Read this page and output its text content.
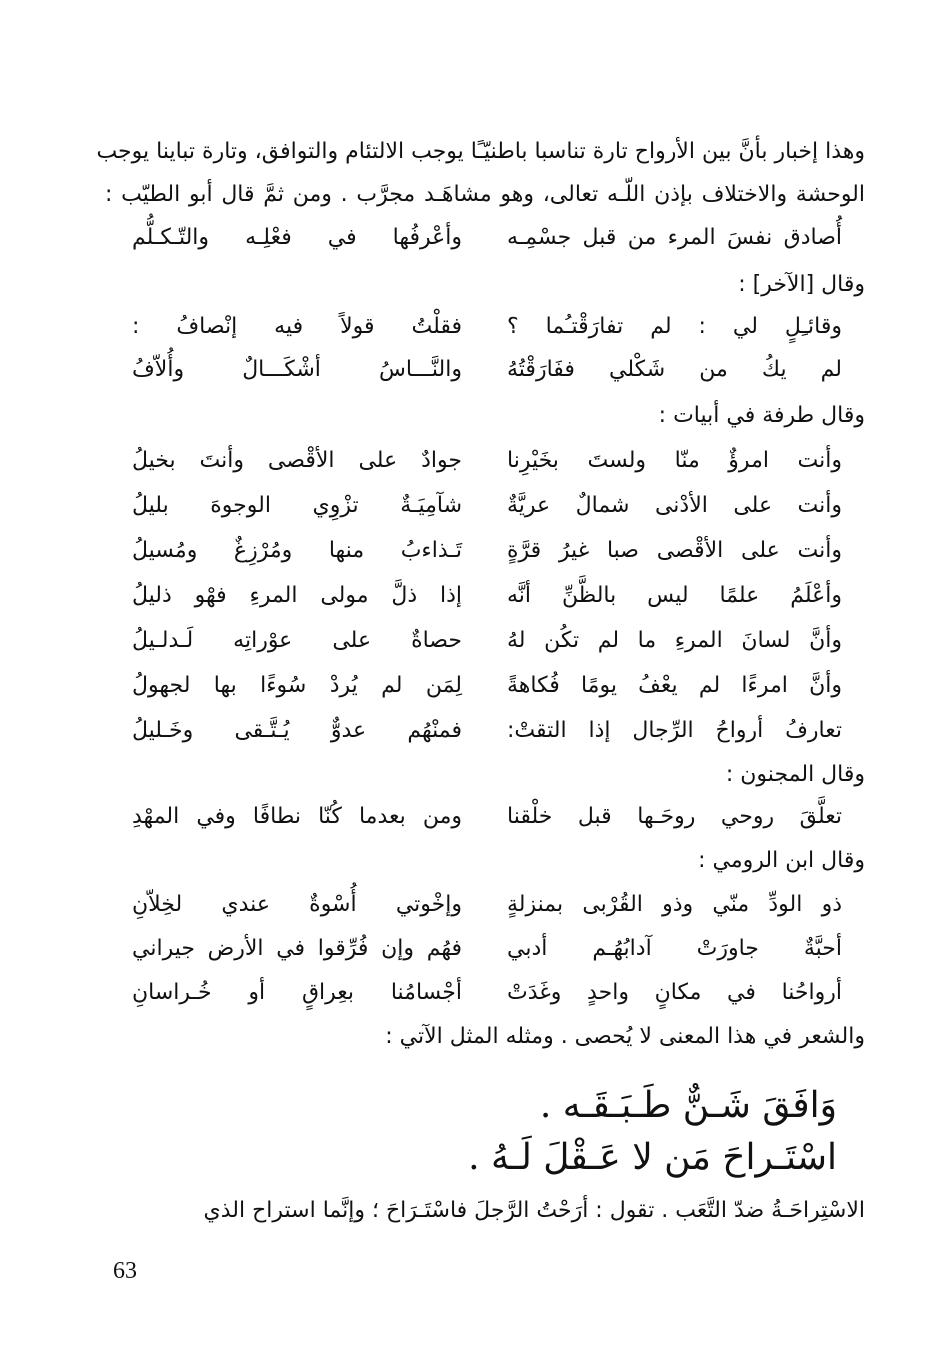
وهذا إخبار بأنَّ بين الأرواح تارة تناسبا باطنيّـًا يوجب الالتئام والتوافق، وتارة تباينا يوجب
الوحشة والاختلاف بإذن اللّـه تعالى، وهو مشاهَـد مجرَّب . ومن ثمَّ قال أبو الطيّب :
أُصادق نفسَ المرء من قبل جسْمِـه
وأعْرفُها في فعْلِـه والتّـكـلُّم
وقال [الآخر] :
وقائـِلٍ لي : لم تفارَقْتـُما ؟
فقلْتُ قولاً فيه إنْصافُ :
لم يكُ من شَكْلي ففَارَقْتُهُ
والنَّـــاسُ أشْكَـــالٌ وأُلاّفُ
وقال طرفة في أبيات :
وأنت امرؤٌ منّا ولستَ بخَيْرِنا
جوادٌ على الأقْصى وأنتَ بخيلُ
وأنت على الأدْنى شمالٌ عريَّةٌ
شآمِيَـةٌ تزْوِي الوجوهَ بليلُ
وأنت على الأقْصى صبا غيرُ قرَّةٍ
تَـذاءبُ منها ومُرْزِغٌ ومُسيلُ
وأعْلَمُ علمًا ليس بالظَّنِّ أنَّه
إذا ذلَّ مولى المرءِ فهْو ذليلُ
وأنَّ لسانَ المرءِ ما لم تكُن لهُ
حصاةٌ على عوْراتِه لَـدلـيلُ
وأنَّ امرءًا لم يعْفُ يومًا فُكاهةً
لِمَن لم يُردْ سُوءًا بها لجهولُ
تعارفُ أرواحُ الرِّجال إذا التقتْ:
فمنْهُم عدوٌّ يُـتَّـقى وخَـليلُ
وقال المجنون :
تعلَّقَ روحي روحَـها قبل خلْقنا
ومن بعدما كُنّا نطافًا وفي المهْدِ
وقال ابن الرومي :
ذو الودِّ منّي وذو القُرْبى بمنزلةٍ
وإخْوتي أُسْوةٌ عندي لخِلاّنِ
أحبَّةٌ جاورَتْ آدابُهُـم أدبي
فهُم وإن فُرِّقوا في الأرض جيراني
أرواحُنا في مكانٍ واحدٍ وغَدَتْ
أجْسامُنا بعِراقٍ أو خُـراسانِ
والشعر في هذا المعنى لا يُحصى . ومثله المثل الآتي :
وَافَقَ شَـنٌّ طَـبَـقَـه .
اسْتَـراحَ مَن لا عَـقْلَ لَـهُ .
الاسْتِراحَـةُ ضدّ التَّعَب . تقول : أرَحْتُ الرَّجلَ فاسْتَـرَاحَ ؛ وإنَّما استراح الذي
63
